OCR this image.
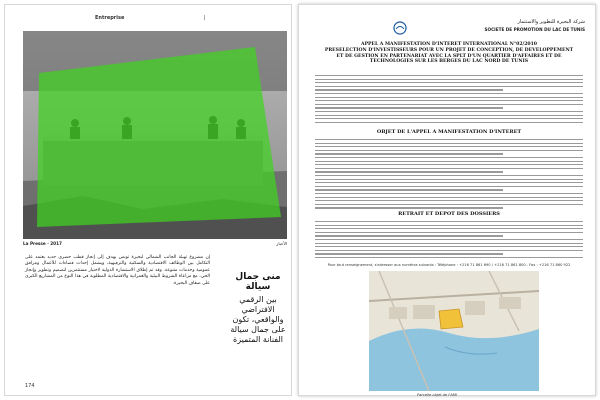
Entreprise	|
La Presse · 2017	الأخبار
إن مشروع تهيئة الجانب الشمالي لبحيرة تونس يهدف إلى إنجاز قطب حضري جديد يعتمد على التكامل بين الوظائف الاقتصادية والسكنية والترفيهية، ويشمل إحداث فضاءات للأعمال ومرافق عمومية وخدمات متنوعة. وقد تم إطلاق الاستشارة الدولية لاختيار مستثمرين لتصميم وتطوير وإنجاز الحي، مع مراعاة الشروط البيئية والعمرانية والاقتصادية المطلوبة في هذا النوع من المشاريع الكبرى على ضفاف البحيرة.
منى جمال سيالة
بين الرقمي الافتراضي والواقعي، تكون على جمال سيالة الفنانة المتميزة
174
شركة البحيرة للتطوير والاستثمار
SOCIETE DE PROMOTION DU LAC DE TUNIS
APPEL A MANIFESTATION D'INTERET INTERNATIONAL N°02/2010
PRESELECTION D'INVESTISSEURS POUR UN PROJET DE CONCEPTION, DE DEVELOPPEMENT
ET DE GESTION EN PARTENARIAT AVEC LA SPLT D'UN QUARTIER D'AFFAIRES ET DE
TECHNOLOGIES SUR LES BERGES DU LAC NORD DE TUNIS
OBJET DE L'APPEL A MANIFESTATION D'INTERET
RETRAIT ET DEPOT DES DOSSIERS
Pour tout renseignement, s'adresser aux numéros suivants : Téléphone : +216 71 861 690 / +216 71 861 800 - Fax : +216 71 860 922
Parcelle objet de l'AMI
